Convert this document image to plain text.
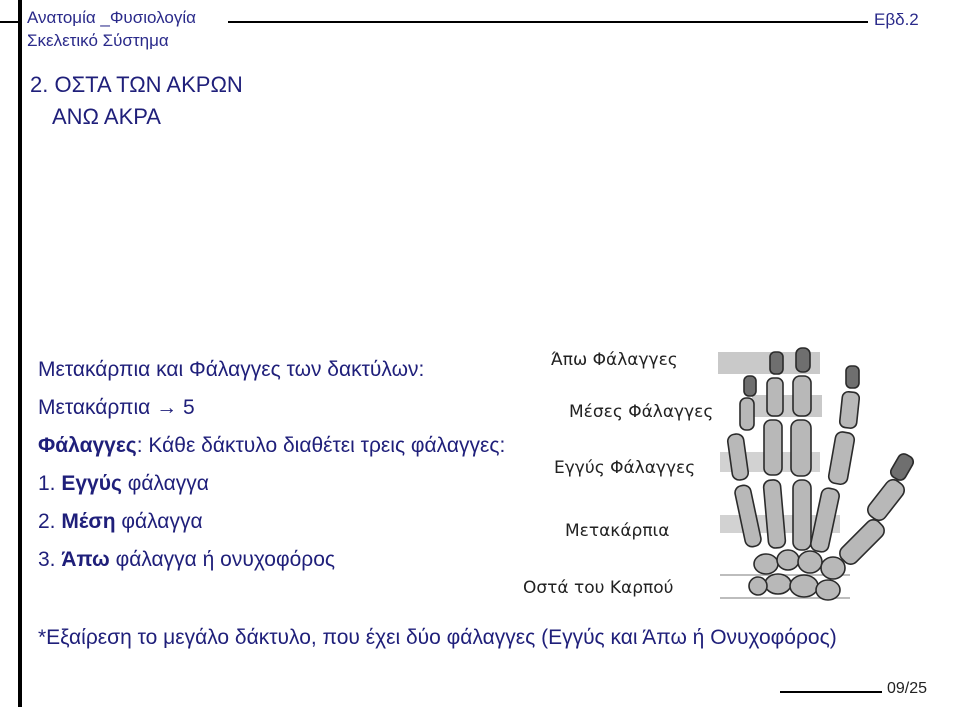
Ανατομία _Φυσιολογία
Σκελετικό Σύστημα
Εβδ.2
2. ΟΣΤΑ ΤΩΝ ΑΚΡΩΝ
ΑΝΩ ΑΚΡΑ
Μετακάρπια και Φάλαγγες των δακτύλων:
Μετακάρπια → 5
Φάλαγγες: Κάθε δάκτυλο διαθέτει τρεις φάλαγγες:
1. Εγγύς φάλαγγα
2. Μέση φάλαγγα
3. Άπω φάλαγγα ή ονυχοφόρος
*Εξαίρεση το μεγάλο δάκτυλο, που έχει δύο φάλαγγες (Εγγύς και Άπω ή Ονυχοφόρος)
Άπω Φάλαγγες
Μέσες Φάλαγγες
Εγγύς Φάλαγγες
Μετακάρπια
Οστά του Καρπού
09/25
